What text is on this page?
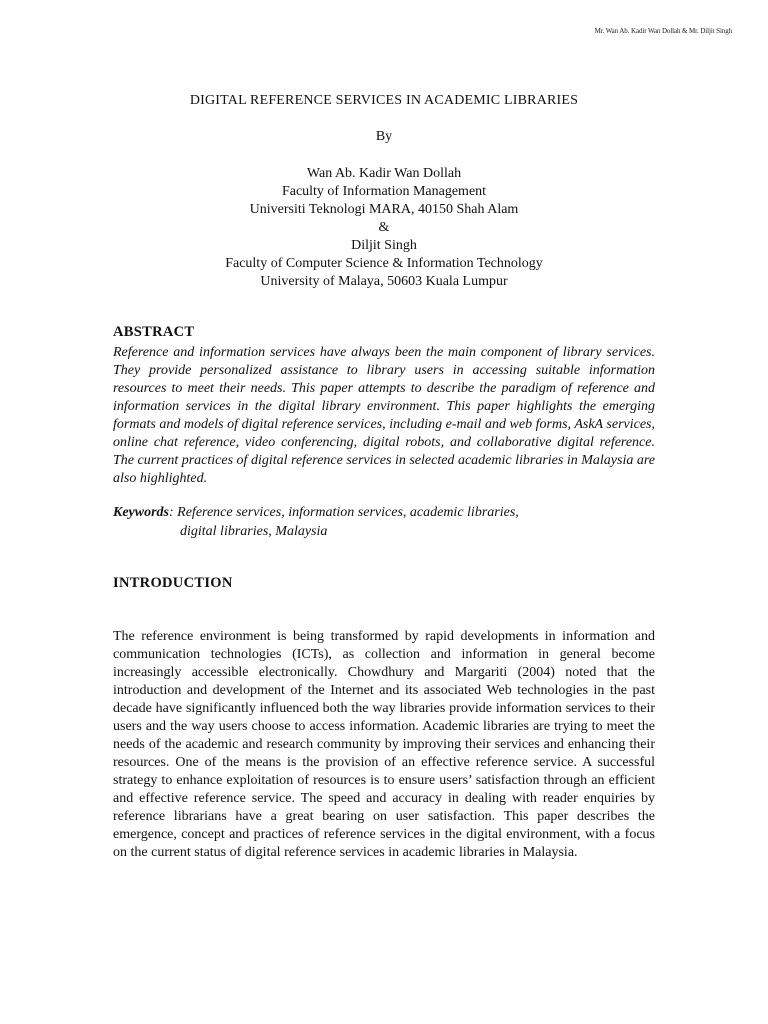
Mr. Wan Ab. Kadir Wan Dollah & Mr. Diljit Singh
DIGITAL REFERENCE SERVICES IN ACADEMIC LIBRARIES
By
Wan Ab. Kadir Wan Dollah
Faculty of Information Management
Universiti Teknologi MARA, 40150 Shah Alam
&
Diljit Singh
Faculty of Computer Science & Information Technology
University of Malaya, 50603 Kuala Lumpur
ABSTRACT
Reference and information services have always been the main component of library services. They provide personalized assistance to library users in accessing suitable information resources to meet their needs. This paper attempts to describe the paradigm of reference and information services in the digital library environment. This paper highlights the emerging formats and models of digital reference services, including e-mail and web forms, AskA services, online chat reference, video conferencing, digital robots, and collaborative digital reference. The current practices of digital reference services in selected academic libraries in Malaysia are also highlighted.
Keywords: Reference services, information services, academic libraries,
digital libraries, Malaysia
INTRODUCTION
The reference environment is being transformed by rapid developments in information and communication technologies (ICTs), as collection and information in general become increasingly accessible electronically. Chowdhury and Margariti (2004) noted that the introduction and development of the Internet and its associated Web technologies in the past decade have significantly influenced both the way libraries provide information services to their users and the way users choose to access information. Academic libraries are trying to meet the needs of the academic and research community by improving their services and enhancing their resources. One of the means is the provision of an effective reference service. A successful strategy to enhance exploitation of resources is to ensure users’ satisfaction through an efficient and effective reference service. The speed and accuracy in dealing with reader enquiries by reference librarians have a great bearing on user satisfaction. This paper describes the emergence, concept and practices of reference services in the digital environment, with a focus on the current status of digital reference services in academic libraries in Malaysia.
